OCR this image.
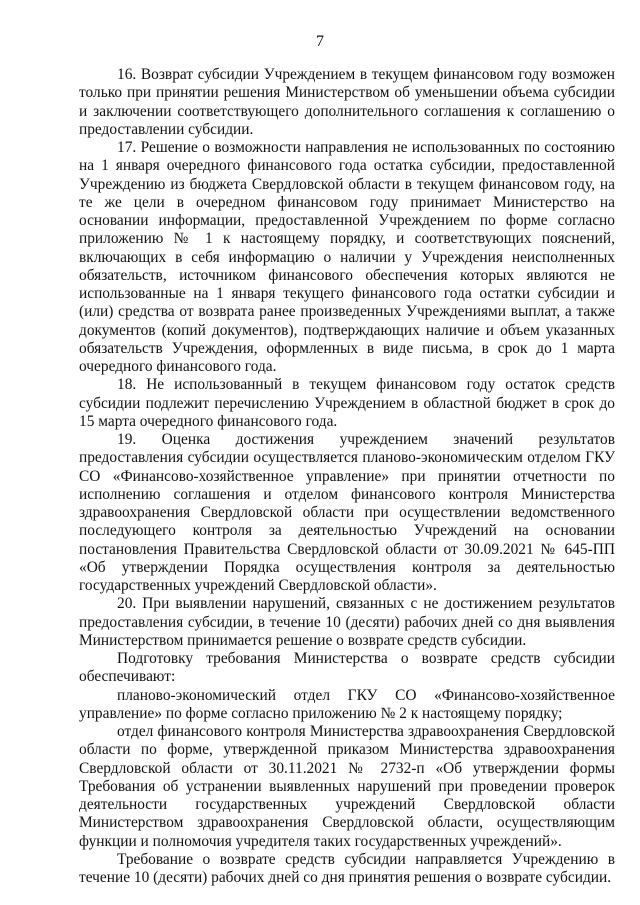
7

16. Возврат субсидии Учреждением в текущем финансовом году возможен только при принятии решения Министерством об уменьшении объема субсидии и заключении соответствующего дополнительного соглашения к соглашению о предоставлении субсидии.

17. Решение о возможности направления не использованных по состоянию на 1 января очередного финансового года остатка субсидии, предоставленной Учреждению из бюджета Свердловской области в текущем финансовом году, на те же цели в очередном финансовом году принимает Министерство на основании информации, предоставленной Учреждением по форме согласно приложению № 1 к настоящему порядку, и соответствующих пояснений, включающих в себя информацию о наличии у Учреждения неисполненных обязательств, источником финансового обеспечения которых являются не использованные на 1 января текущего финансового года остатки субсидии и (или) средства от возврата ранее произведенных Учреждениями выплат, а также документов (копий документов), подтверждающих наличие и объем указанных обязательств Учреждения, оформленных в виде письма, в срок до 1 марта очередного финансового года.

18. Не использованный в текущем финансовом году остаток средств субсидии подлежит перечислению Учреждением в областной бюджет в срок до 15 марта очередного финансового года.

19. Оценка достижения учреждением значений результатов предоставления субсидии осуществляется планово-экономическим отделом ГКУ СО «Финансово-хозяйственное управление» при принятии отчетности по исполнению соглашения и отделом финансового контроля Министерства здравоохранения Свердловской области при осуществлении ведомственного последующего контроля за деятельностью Учреждений на основании постановления Правительства Свердловской области от 30.09.2021 № 645-ПП «Об утверждении Порядка осуществления контроля за деятельностью государственных учреждений Свердловской области».

20. При выявлении нарушений, связанных с не достижением результатов предоставления субсидии, в течение 10 (десяти) рабочих дней со дня выявления Министерством принимается решение о возврате средств субсидии.

Подготовку требования Министерства о возврате средств субсидии обеспечивают:

планово-экономический отдел ГКУ СО «Финансово-хозяйственное управление» по форме согласно приложению № 2 к настоящему порядку;

отдел финансового контроля Министерства здравоохранения Свердловской области по форме, утвержденной приказом Министерства здравоохранения Свердловской области от 30.11.2021 № 2732-п «Об утверждении формы Требования об устранении выявленных нарушений при проведении проверок деятельности государственных учреждений Свердловской области Министерством здравоохранения Свердловской области, осуществляющим функции и полномочия учредителя таких государственных учреждений».

Требование о возврате средств субсидии направляется Учреждению в течение 10 (десяти) рабочих дней со дня принятия решения о возврате субсидии.
